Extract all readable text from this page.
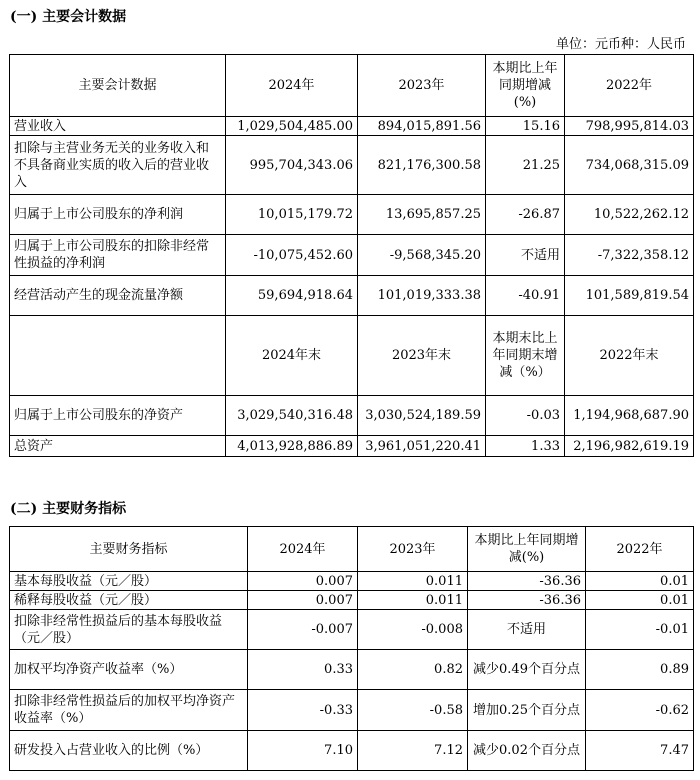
(一) 主要会计数据
单位：元币种：人民币
主要会计数据	2024年	2023年	本期比上年同期增减(%)	2022年
营业收入	1,029,504,485.00	894,015,891.56	15.16	798,995,814.03
扣除与主营业务无关的业务收入和不具备商业实质的收入后的营业收入	995,704,343.06	821,176,300.58	21.25	734,068,315.09
归属于上市公司股东的净利润	10,015,179.72	13,695,857.25	-26.87	10,522,262.12
归属于上市公司股东的扣除非经常性损益的净利润	-10,075,452.60	-9,568,345.20	不适用	-7,322,358.12
经营活动产生的现金流量净额	59,694,918.64	101,019,333.38	-40.91	101,589,819.54
	2024年末	2023年末	本期末比上年同期末增减（%）	2022年末
归属于上市公司股东的净资产	3,029,540,316.48	3,030,524,189.59	-0.03	1,194,968,687.90
总资产	4,013,928,886.89	3,961,051,220.41	1.33	2,196,982,619.19
(二) 主要财务指标
主要财务指标	2024年	2023年	本期比上年同期增减(%)	2022年
基本每股收益（元／股）	0.007	0.011	-36.36	0.01
稀释每股收益（元／股）	0.007	0.011	-36.36	0.01
扣除非经常性损益后的基本每股收益（元／股）	-0.007	-0.008	不适用	-0.01
加权平均净资产收益率（%）	0.33	0.82	减少0.49个百分点	0.89
扣除非经常性损益后的加权平均净资产收益率（%）	-0.33	-0.58	增加0.25个百分点	-0.62
研发投入占营业收入的比例（%）	7.10	7.12	减少0.02个百分点	7.47
